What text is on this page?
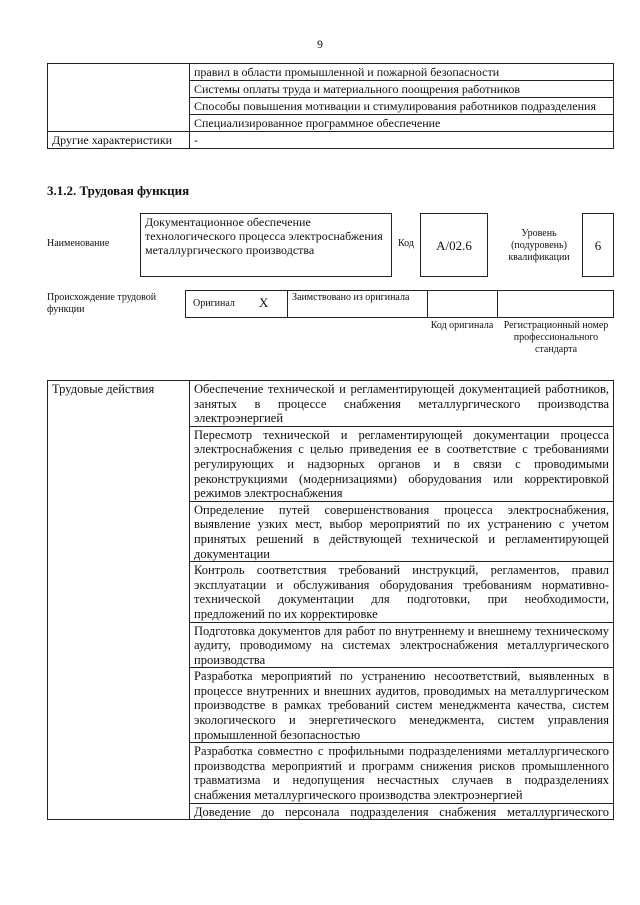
9
	правил в области промышленной и пожарной безопасности
	Системы оплаты труда и материального поощрения работников
	Способы повышения мотивации и стимулирования работников подразделения
	Специализированное программное обеспечение
Другие характеристики	-
3.1.2. Трудовая функция
Наименование
Документационное обеспечение технологического процесса электроснабжения металлургического производства	Код	A/02.6
Уровень (подуровень) квалификации
6
Происхождение трудовой функции
Оригинал X Заимствовано из оригинала
Код оригинала	Регистрационный номер профессионального стандарта
Трудовые действия	Обеспечение технической и регламентирующей документацией работников, занятых в процессе снабжения металлургического производства электроэнергией
Пересмотр технической и регламентирующей документации процесса электроснабжения с целью приведения ее в соответствие с требованиями регулирующих и надзорных органов и в связи с проводимыми реконструкциями (модернизациями) оборудования или корректировкой режимов электроснабжения
Определение путей совершенствования процесса электроснабжения, выявление узких мест, выбор мероприятий по их устранению с учетом принятых решений в действующей технической и регламентирующей документации
Контроль соответствия требований инструкций, регламентов, правил эксплуатации и обслуживания оборудования требованиям нормативно-технической документации для подготовки, при необходимости, предложений по их корректировке
Подготовка документов для работ по внутреннему и внешнему техническому аудиту, проводимому на системах электроснабжения металлургического производства
Разработка мероприятий по устранению несоответствий, выявленных в процессе внутренних и внешних аудитов, проводимых на металлургическом производстве в рамках требований систем менеджмента качества, систем экологического и энергетического менеджмента, систем управления промышленной безопасностью
Разработка совместно с профильными подразделениями металлургического производства мероприятий и программ снижения рисков промышленного травматизма и недопущения несчастных случаев в подразделениях снабжения металлургического производства электроэнергией
Доведение до персонала подразделения снабжения металлургического
